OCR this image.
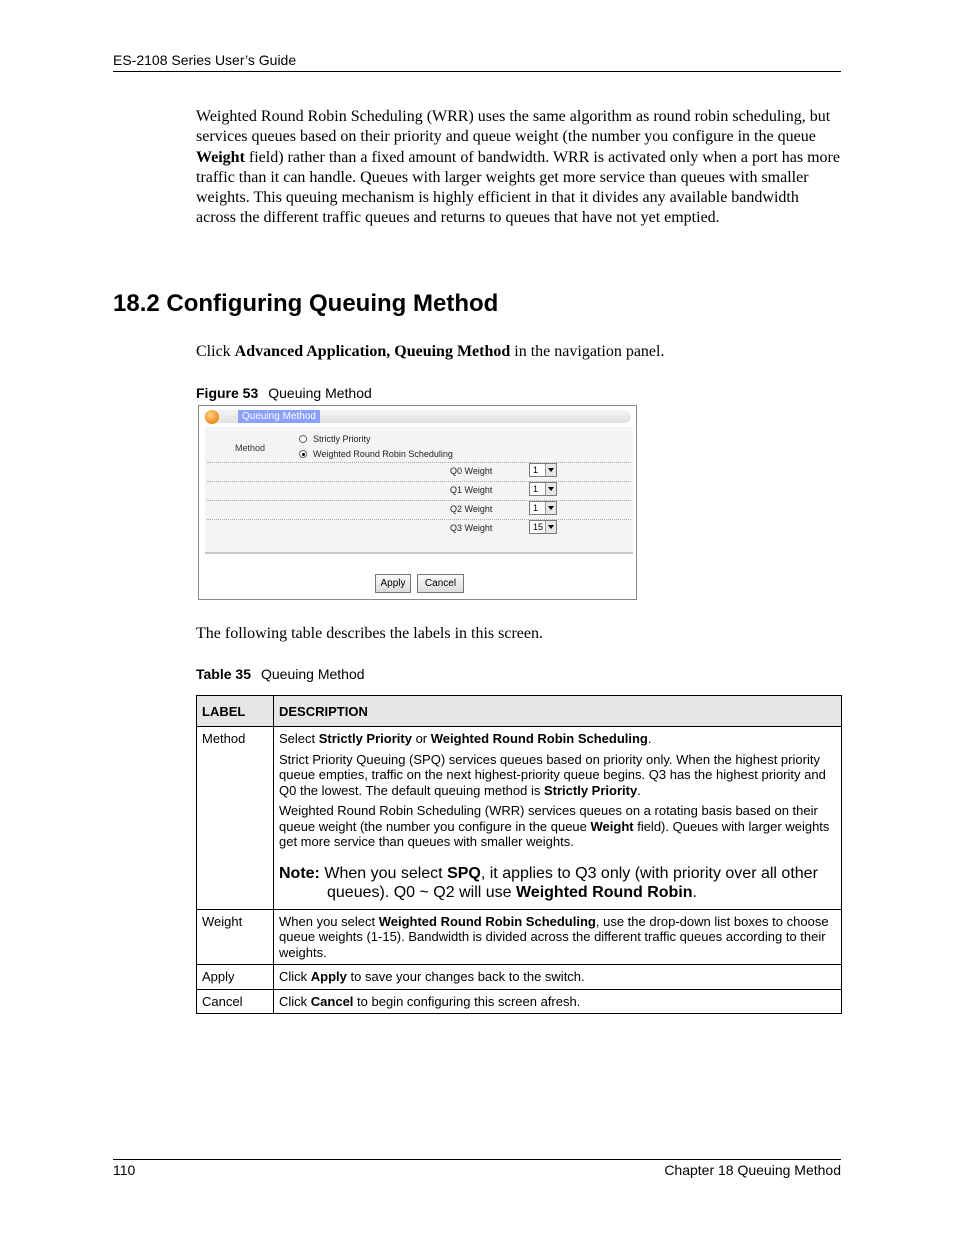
ES-2108 Series User’s Guide
Weighted Round Robin Scheduling (WRR) uses the same algorithm as round robin scheduling, but services queues based on their priority and queue weight (the number you configure in the queue Weight field) rather than a fixed amount of bandwidth. WRR is activated only when a port has more traffic than it can handle. Queues with larger weights get more service than queues with smaller weights. This queuing mechanism is highly efficient in that it divides any available bandwidth across the different traffic queues and returns to queues that have not yet emptied.
18.2 Configuring Queuing Method
Click Advanced Application, Queuing Method in the navigation panel.
Figure 53 Queuing Method
Queuing Method
Method
Strictly Priority
Weighted Round Robin Scheduling
Q0 Weight	1
Q1 Weight	1
Q2 Weight	1
Q3 Weight	15
Apply	Cancel
The following table describes the labels in this screen.
Table 35 Queuing Method
LABEL	DESCRIPTION
Method	Select Strictly Priority or Weighted Round Robin Scheduling.

Strict Priority Queuing (SPQ) services queues based on priority only. When the highest priority queue empties, traffic on the next highest-priority queue begins. Q3 has the highest priority and Q0 the lowest. The default queuing method is Strictly Priority.

Weighted Round Robin Scheduling (WRR) services queues on a rotating basis based on their queue weight (the number you configure in the queue Weight field). Queues with larger weights get more service than queues with smaller weights.

Note: When you select SPQ, it applies to Q3 only (with priority over all other queues). Q0 ~ Q2 will use Weighted Round Robin.

Weight	When you select Weighted Round Robin Scheduling, use the drop-down list boxes to choose queue weights (1-15). Bandwidth is divided across the different traffic queues according to their weights.
Apply	Click Apply to save your changes back to the switch.
Cancel	Click Cancel to begin configuring this screen afresh.
110	Chapter 18 Queuing Method
